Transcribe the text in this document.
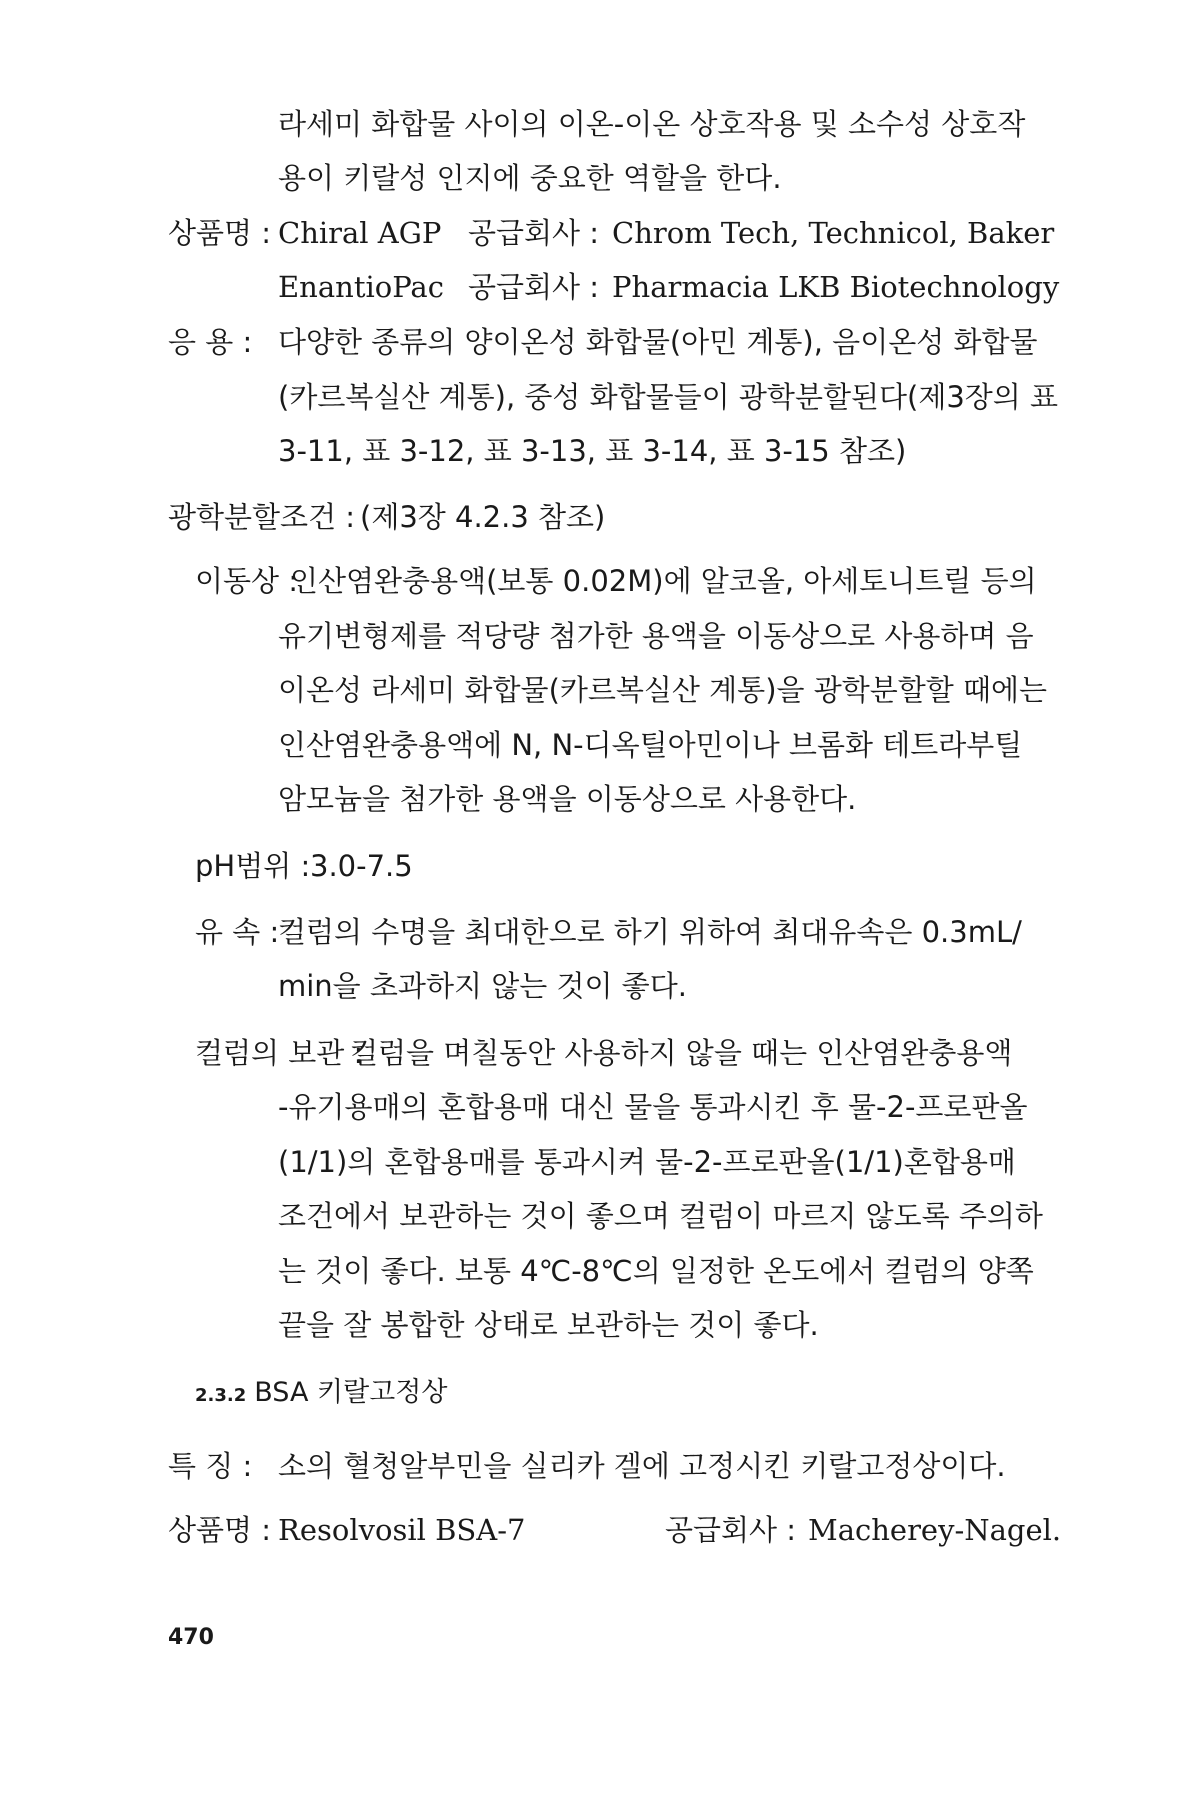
라세미 화합물 사이의 이온-이온 상호작용 및 소수성 상호작
용이 키랄성 인지에 중요한 역할을 한다.
상품명 : Chiral AGP 공급회사 : Chrom Tech, Technicol, Baker
EnantioPac 공급회사 : Pharmacia LKB Biotechnology
응 용 : 다양한 종류의 양이온성 화합물(아민 계통), 음이온성 화합물
(카르복실산 계통), 중성 화합물들이 광학분할된다(제3장의 표
3-11, 표 3-12, 표 3-13, 표 3-14, 표 3-15 참조)
광학분할조건 : (제3장 4.2.3 참조)
이동상 :
인산염완충용액(보통 0.02M)에 알코올, 아세토니트릴 등의
유기변형제를 적당량 첨가한 용액을 이동상으로 사용하며 음
이온성 라세미 화합물(카르복실산 계통)을 광학분할할 때에는
인산염완충용액에 N, N-디옥틸아민이나 브롬화 테트라부틸
암모늄을 첨가한 용액을 이동상으로 사용한다.
pH범위 : 3.0-7.5
유 속 :
컬럼의 수명을 최대한으로 하기 위하여 최대유속은 0.3mL/
min을 초과하지 않는 것이 좋다.
컬럼의 보관 :
컬럼을 며칠동안 사용하지 않을 때는 인산염완충용액
-유기용매의 혼합용매 대신 물을 통과시킨 후 물-2-프로판올
(1/1)의 혼합용매를 통과시켜 물-2-프로판올(1/1)혼합용매
조건에서 보관하는 것이 좋으며 컬럼이 마르지 않도록 주의하
는 것이 좋다. 보통 4℃-8℃의 일정한 온도에서 컬럼의 양쪽
끝을 잘 봉합한 상태로 보관하는 것이 좋다.
2.3.2 BSA 키랄고정상
특 징 : 소의 혈청알부민을 실리카 겔에 고정시킨 키랄고정상이다.
상품명 : Resolvosil BSA-7	공급회사 : Macherey-Nagel.
470
